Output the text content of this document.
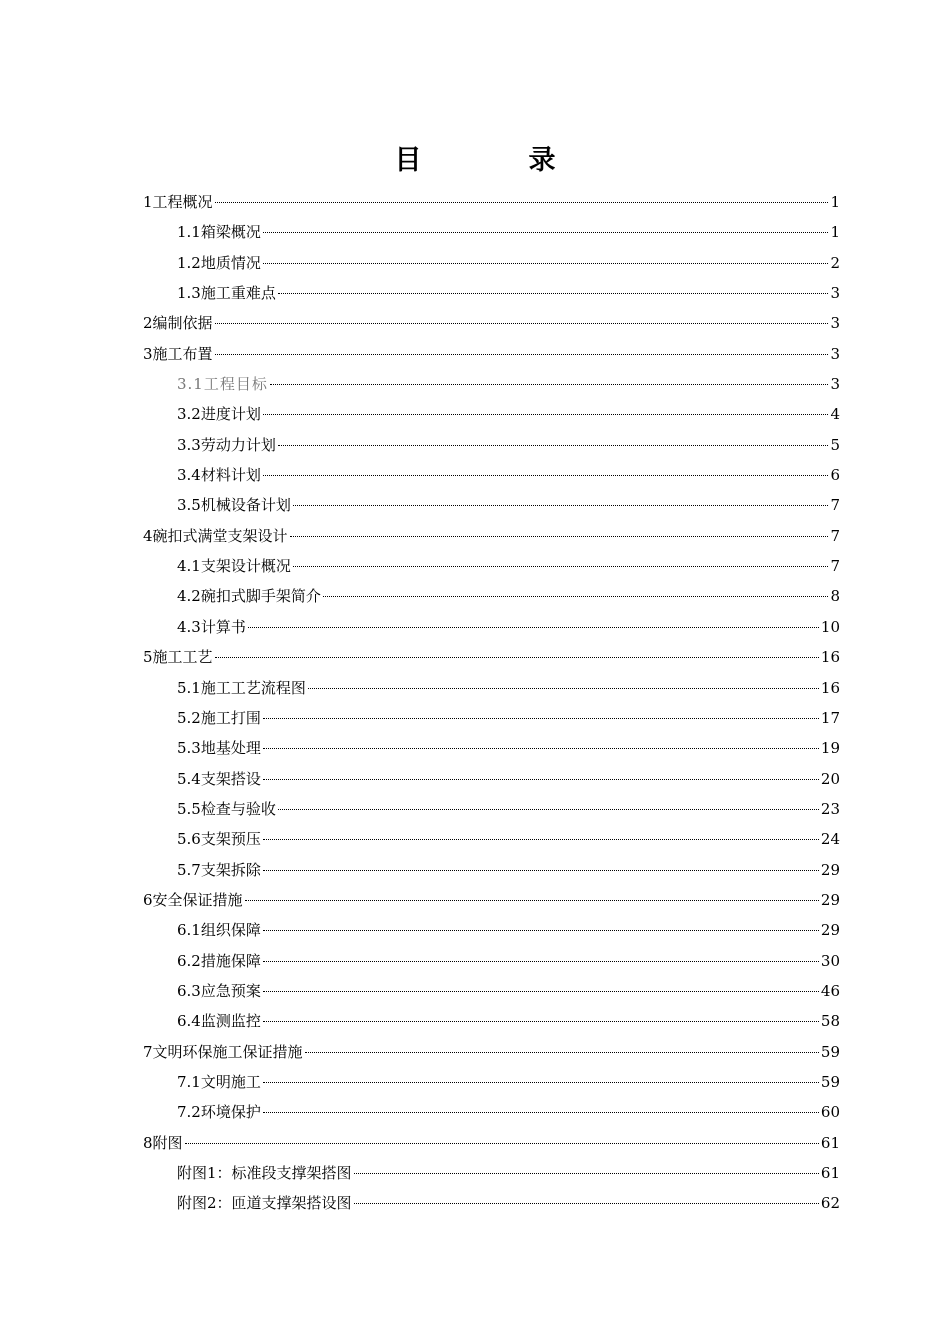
目　录
1工程概况	1
1.1箱梁概况	1
1.2地质情况	2
1.3施工重难点	3
2编制依据	3
3施工布置	3
3.1工程目标	3
3.2进度计划	4
3.3劳动力计划	5
3.4材料计划	6
3.5机械设备计划	7
4碗扣式满堂支架设计	7
4.1支架设计概况	7
4.2碗扣式脚手架简介	8
4.3计算书	10
5施工工艺	16
5.1施工工艺流程图	16
5.2施工打围	17
5.3地基处理	19
5.4支架搭设	20
5.5检查与验收	23
5.6支架预压	24
5.7支架拆除	29
6安全保证措施	29
6.1组织保障	29
6.2措施保障	30
6.3应急预案	46
6.4监测监控	58
7文明环保施工保证措施	59
7.1文明施工	59
7.2环境保护	60
8附图	61
附图1：标准段支撑架搭图	61
附图2：匝道支撑架搭设图	62
